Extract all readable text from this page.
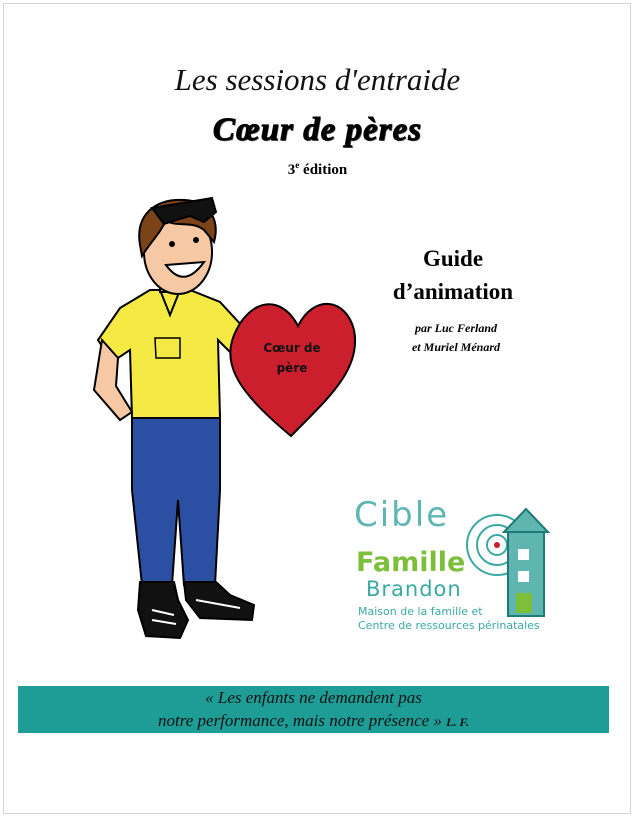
Les sessions d'entraide
Cœur de pères
3e édition
Cœur de
père
Guide
d’animation
par Luc Ferland
et Muriel Ménard
Cible
Famille
Brandon
Maison de la famille et
Centre de ressources périnatales
« Les enfants ne demandent pas
notre performance, mais notre présence » L. F.
